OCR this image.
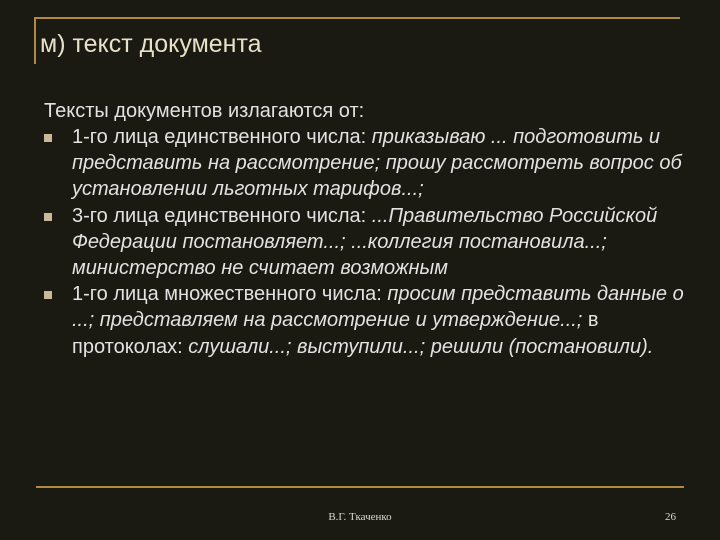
м) текст документа
Тексты документов излагаются от:
1-го лица единственного числа: приказываю ... подготовить и представить на рассмотрение; прошу рассмотреть вопрос об установлении льготных тарифов...;
3-го лица единственного числа: ...Правительство Российской Федерации постановляет...; ...коллегия постановила...; министерство не считает возможным
1-го лица множественного числа: просим представить данные о ...; представляем на рассмотрение и утверждение...; в протоколах: слушали...; выступили...; решили (постановили).
В.Г. Ткаченко	26
